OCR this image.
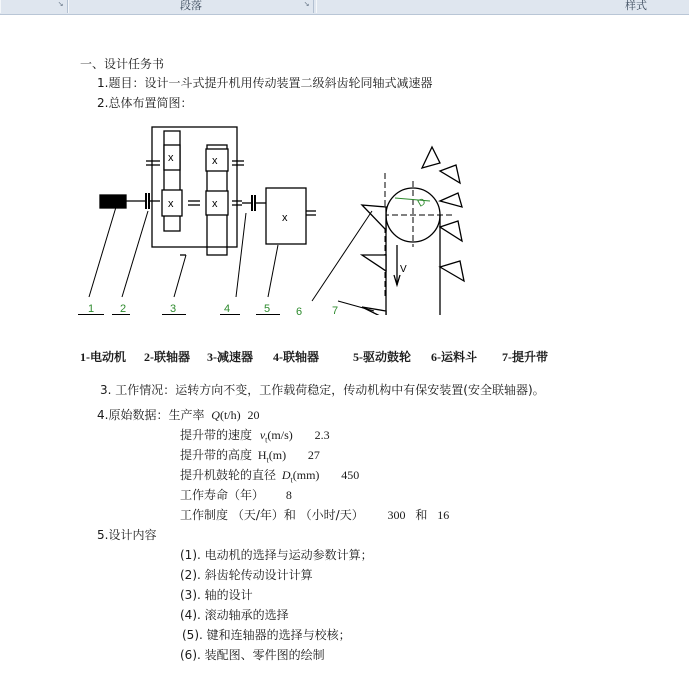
↘	段落	↘	样式
一、设计任务书
1.题目：设计一斗式提升机用传动装置二级斜齿轮同轴式减速器
2.总体布置简图：
x
x	x
x
x
1 2	3	4	5 6	7
D
V
1-电动机 2-联轴器 3-减速器 4-联轴器	5-驱动鼓轮 6-运料斗 7-提升带
3. 工作情况：运转方向不变，工作载荷稳定，传动机构中有保安装置(安全联轴器)。
4.原始数据：生产率 Q(t/h) 20
提升带的速度 $v_t(m/s)$ 2.3
提升带的高度 $H_t(m)$ 27
提升机鼓轮的直径 $D_t(mm)$ 450
工作寿命（年） 8
工作制度 （天/年）和 （小时/天） 300 和 16
5.设计内容
(1). 电动机的选择与运动参数计算；
(2). 斜齿轮传动设计计算
(3). 轴的设计
(4). 滚动轴承的选择
(5). 键和连轴器的选择与校核；
(6). 装配图、零件图的绘制
